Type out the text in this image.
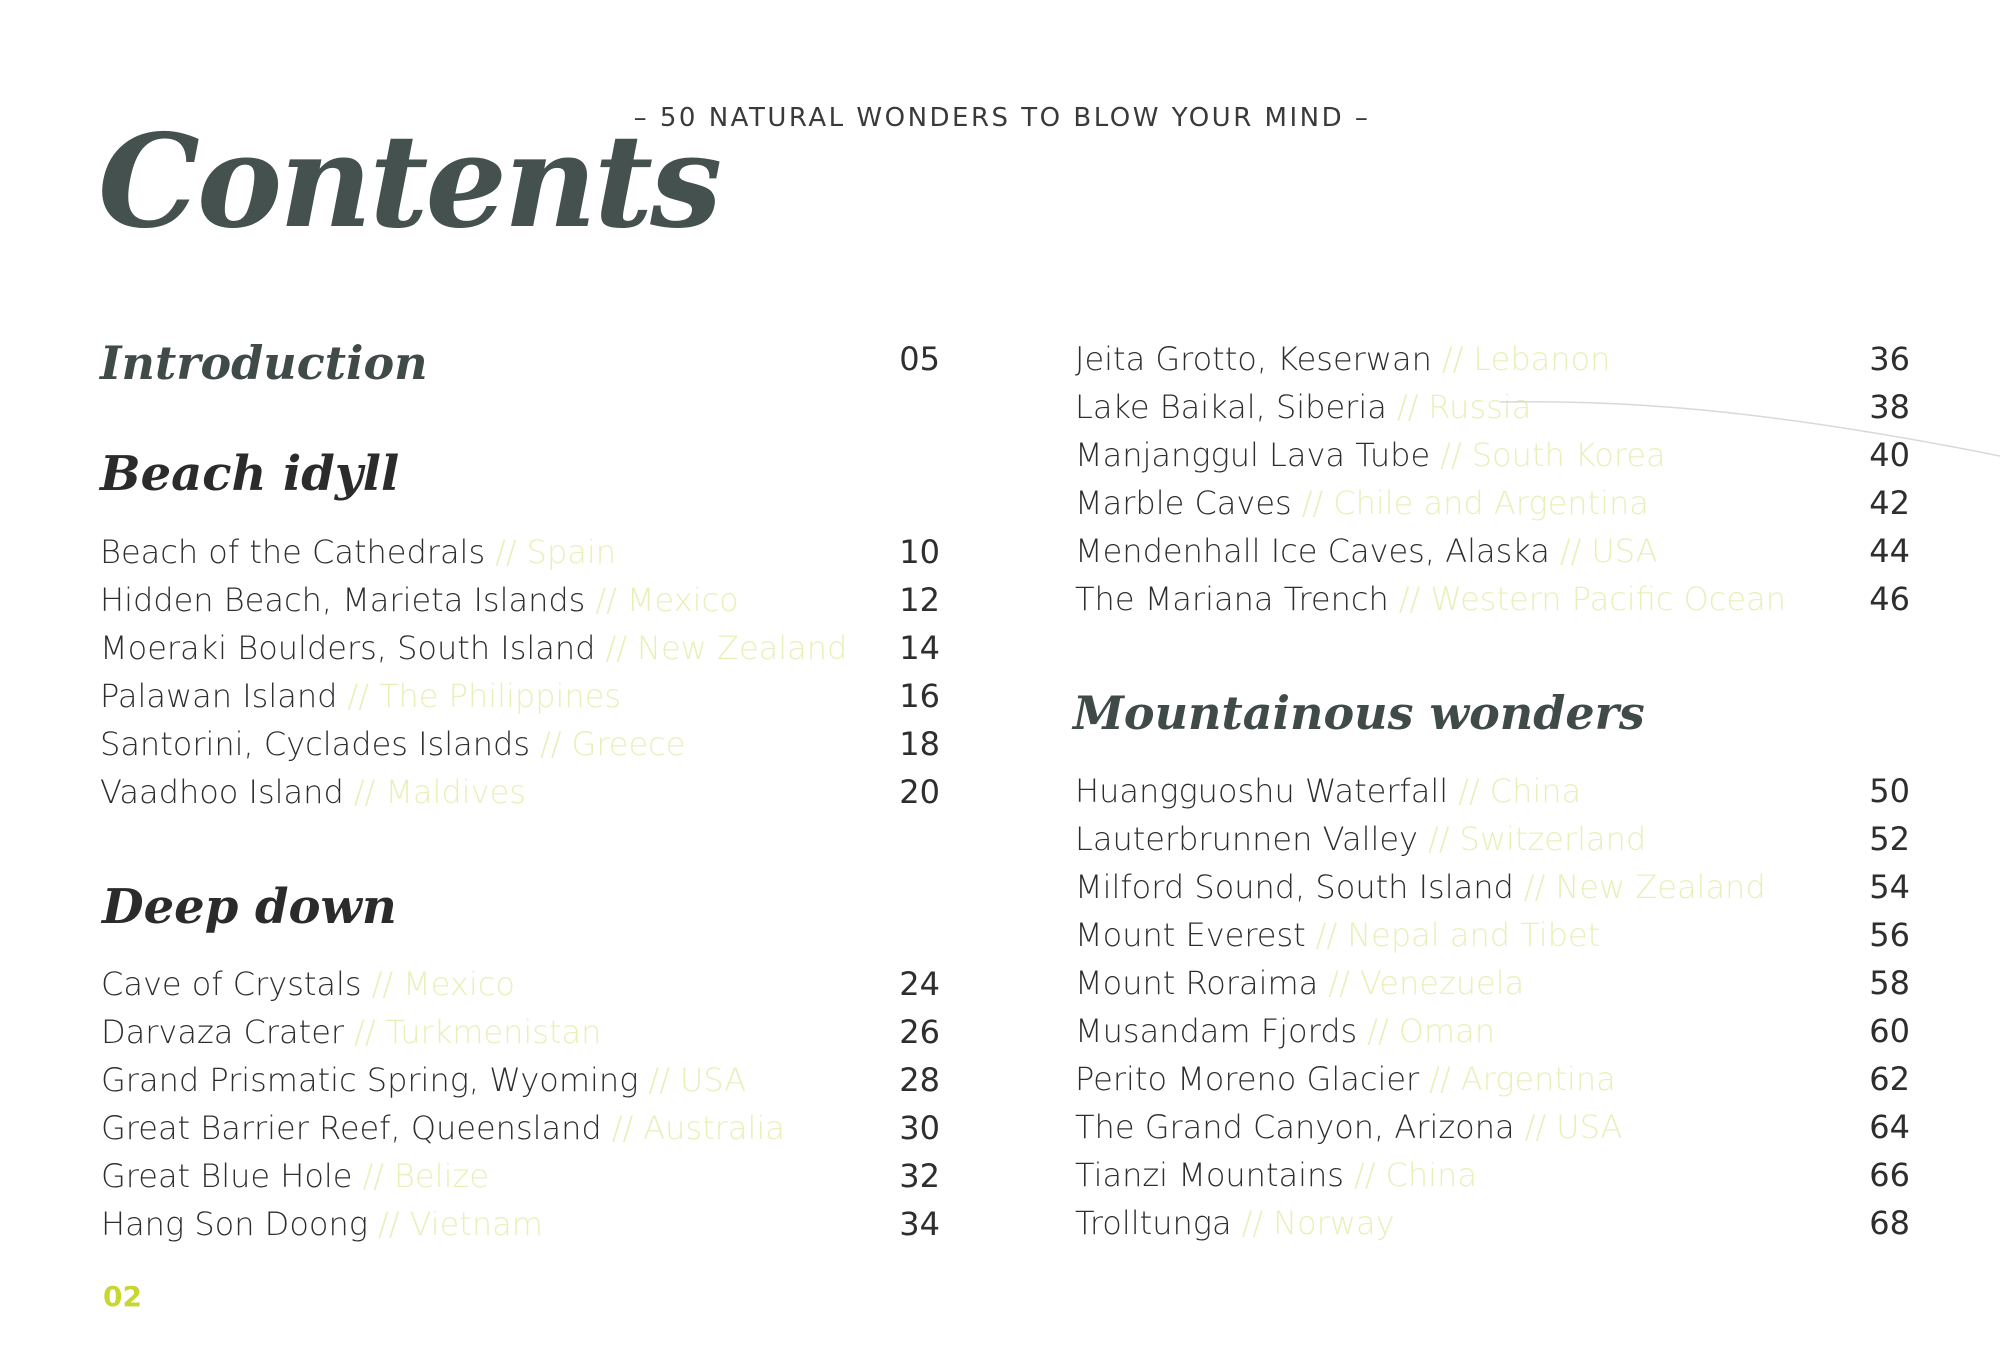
– 50 NATURAL WONDERS TO BLOW YOUR MIND –
Contents
Introduction	05
Beach idyll
Deep down
Mountainous wonders
Beach of the Cathedrals // Spain	10
Hidden Beach, Marieta Islands // Mexico	12
Moeraki Boulders, South Island // New Zealand	14
Palawan Island // The Philippines	16
Santorini, Cyclades Islands // Greece	18
Vaadhoo Island // Maldives	20
Cave of Crystals // Mexico	24
Darvaza Crater // Turkmenistan	26
Grand Prismatic Spring, Wyoming // USA	28
Great Barrier Reef, Queensland // Australia	30
Great Blue Hole // Belize	32
Hang Son Doong // Vietnam	34
Jeita Grotto, Keserwan // Lebanon	36
Lake Baikal, Siberia // Russia	38
Manjanggul Lava Tube // South Korea	40
Marble Caves // Chile and Argentina	42
Mendenhall Ice Caves, Alaska // USA	44
The Mariana Trench // Western Pacific Ocean	46
Huangguoshu Waterfall // China	50
Lauterbrunnen Valley // Switzerland	52
Milford Sound, South Island // New Zealand	54
Mount Everest // Nepal and Tibet	56
Mount Roraima // Venezuela	58
Musandam Fjords // Oman	60
Perito Moreno Glacier // Argentina	62
The Grand Canyon, Arizona // USA	64
Tianzi Mountains // China	66
Trolltunga // Norway	68
02
